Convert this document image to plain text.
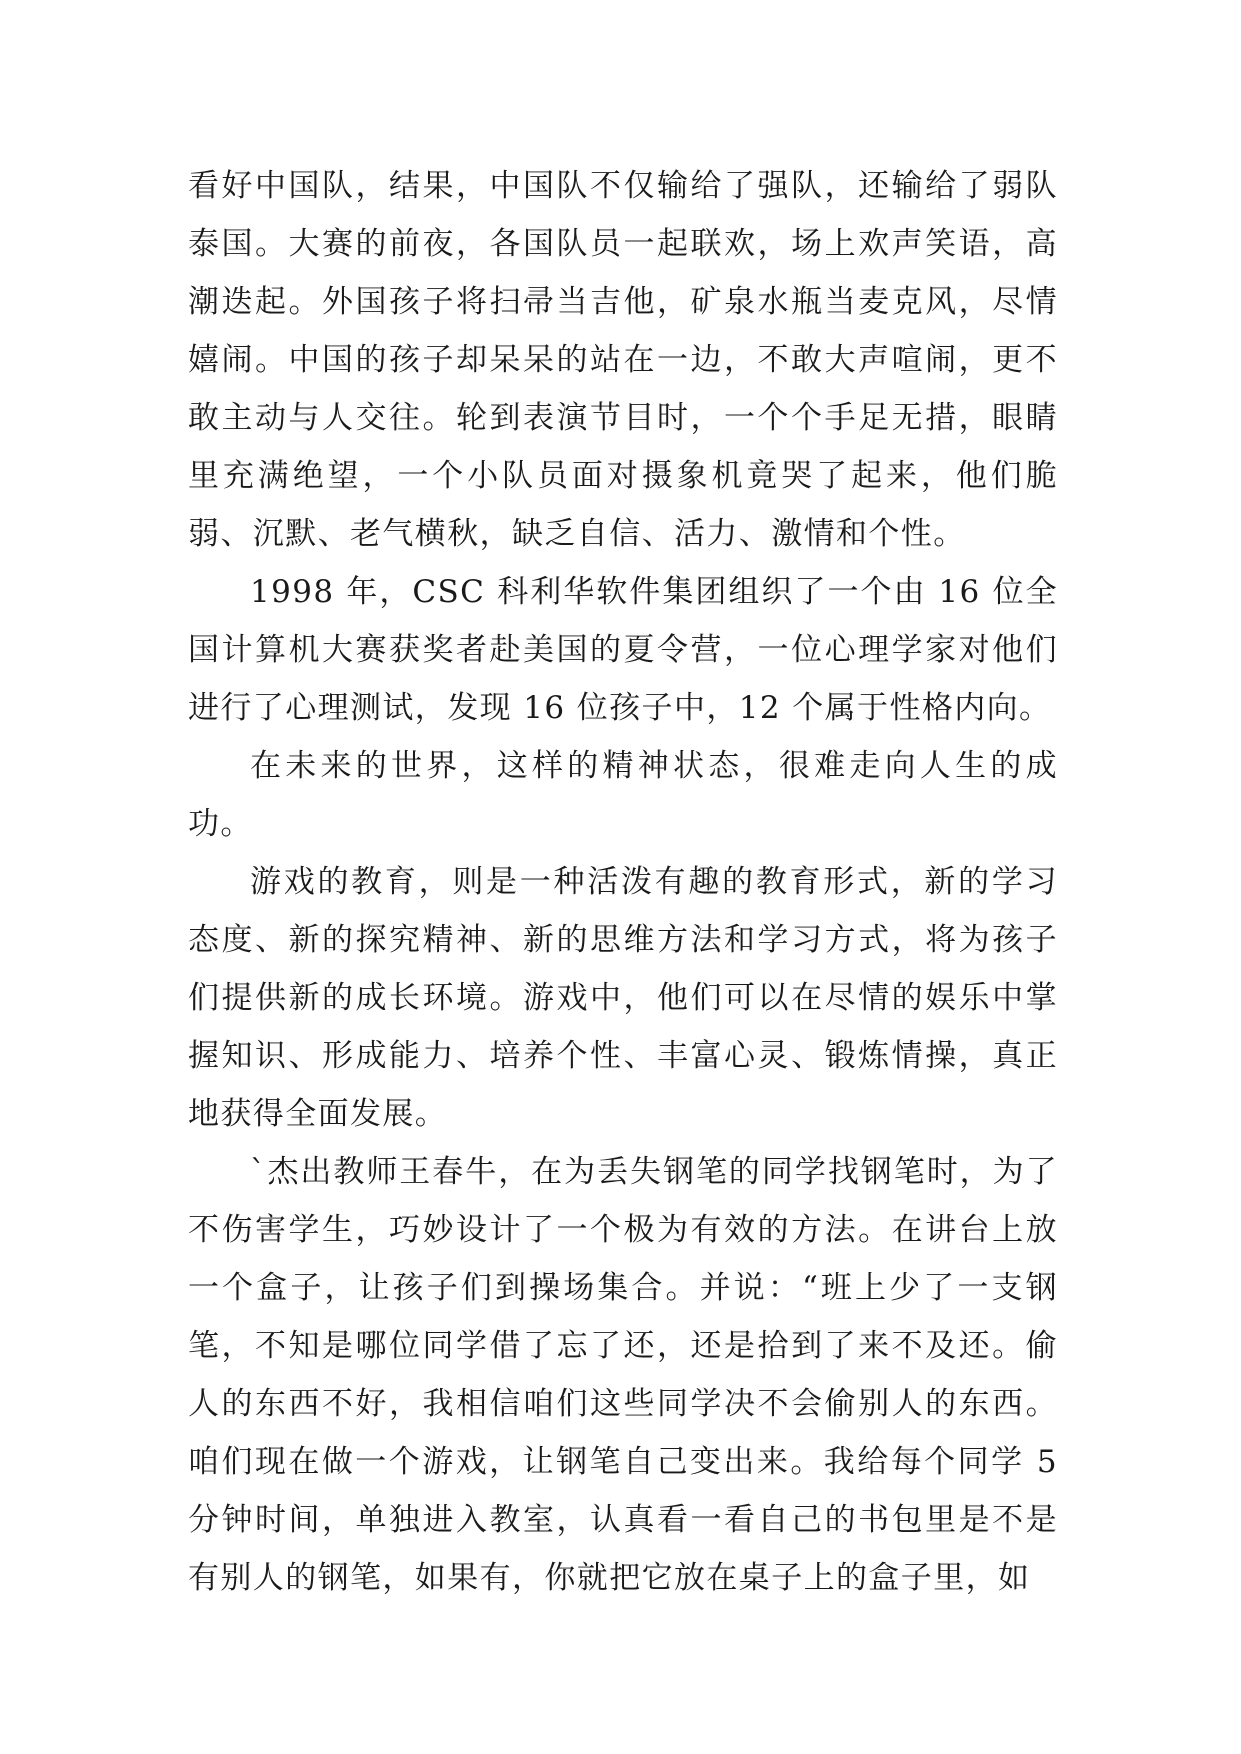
看好中国队，结果，中国队不仅输给了强队，还输给了弱队泰国。大赛的前夜，各国队员一起联欢，场上欢声笑语，高潮迭起。外国孩子将扫帚当吉他，矿泉水瓶当麦克风，尽情嬉闹。中国的孩子却呆呆的站在一边，不敢大声喧闹，更不敢主动与人交往。轮到表演节目时，一个个手足无措，眼睛里充满绝望，一个小队员面对摄象机竟哭了起来，他们脆弱、沉默、老气横秋，缺乏自信、活力、激情和个性。

1998 年，CSC 科利华软件集团组织了一个由 16 位全国计算机大赛获奖者赴美国的夏令营，一位心理学家对他们进行了心理测试，发现 16 位孩子中，12 个属于性格内向。

在未来的世界，这样的精神状态，很难走向人生的成功。

游戏的教育，则是一种活泼有趣的教育形式，新的学习态度、新的探究精神、新的思维方法和学习方式，将为孩子们提供新的成长环境。游戏中，他们可以在尽情的娱乐中掌握知识、形成能力、培养个性、丰富心灵、锻炼情操，真正地获得全面发展。

`杰出教师王春牛，在为丢失钢笔的同学找钢笔时，为了不伤害学生，巧妙设计了一个极为有效的方法。在讲台上放一个盒子，让孩子们到操场集合。并说：“班上少了一支钢笔，不知是哪位同学借了忘了还，还是拾到了来不及还。偷人的东西不好，我相信咱们这些同学决不会偷别人的东西。咱们现在做一个游戏，让钢笔自己变出来。我给每个同学 5 分钟时间，单独进入教室，认真看一看自己的书包里是不是有别人的钢笔，如果有，你就把它放在桌子上的盒子里，如
